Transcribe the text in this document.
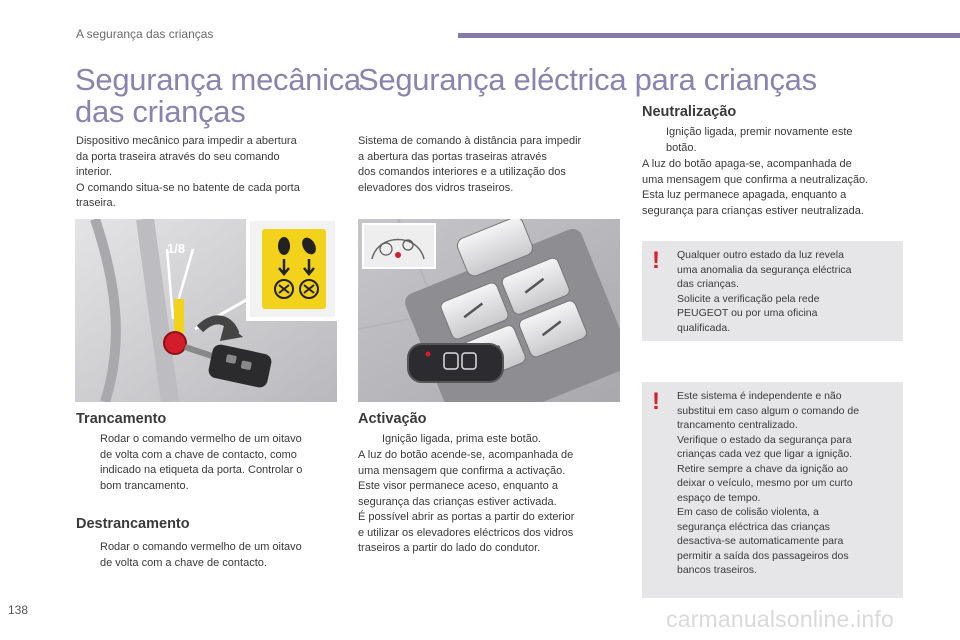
A segurança das crianças
Segurança mecânica
das crianças

Dispositivo mecânico para impedir a abertura

da porta traseira através do seu comando

interior.

O comando situa-se no batente de cada porta

traseira.

1/8
Trancamento
Rodar o comando vermelho de um oitavo
de volta com a chave de contacto, como
indicado na etiqueta da porta. Controlar o
bom trancamento.
Destrancamento
Rodar o comando vermelho de um oitavo
de volta com a chave de contacto.
Segurança eléctrica para crianças

Sistema de comando à distância para impedir

a abertura das portas traseiras através

dos comandos interiores e a utilização dos

elevadores dos vidros traseiros.

Activação
Ignição ligada, prima este botão.

A luz do botão acende-se, acompanhada de

uma mensagem que confirma a activação.

Este visor permanece aceso, enquanto a

segurança das crianças estiver activada.

É possível abrir as portas a partir do exterior

e utilizar os elevadores eléctricos dos vidros

traseiros a partir do lado do condutor.

Neutralização
Ignição ligada, premir novamente este
botão.

A luz do botão apaga-se, acompanhada de

uma mensagem que confirma a neutralização.

Esta luz permanece apagada, enquanto a

segurança para crianças estiver neutralizada.

! Qualquer outro estado da luz revela

uma anomalia da segurança eléctrica

das crianças.

Solicite a verificação pela rede

PEUGEOT ou por uma oficina

qualificada.

! Este sistema é independente e não

substitui em caso algum o comando de

trancamento centralizado.

Verifique o estado da segurança para

crianças cada vez que ligar a ignição.

Retire sempre a chave da ignição ao

deixar o veículo, mesmo por um curto

espaço de tempo.

Em caso de colisão violenta, a

segurança eléctrica das crianças

desactiva-se automaticamente para

permitir a saída dos passageiros dos

bancos traseiros.

138	carmanualsonline.info
